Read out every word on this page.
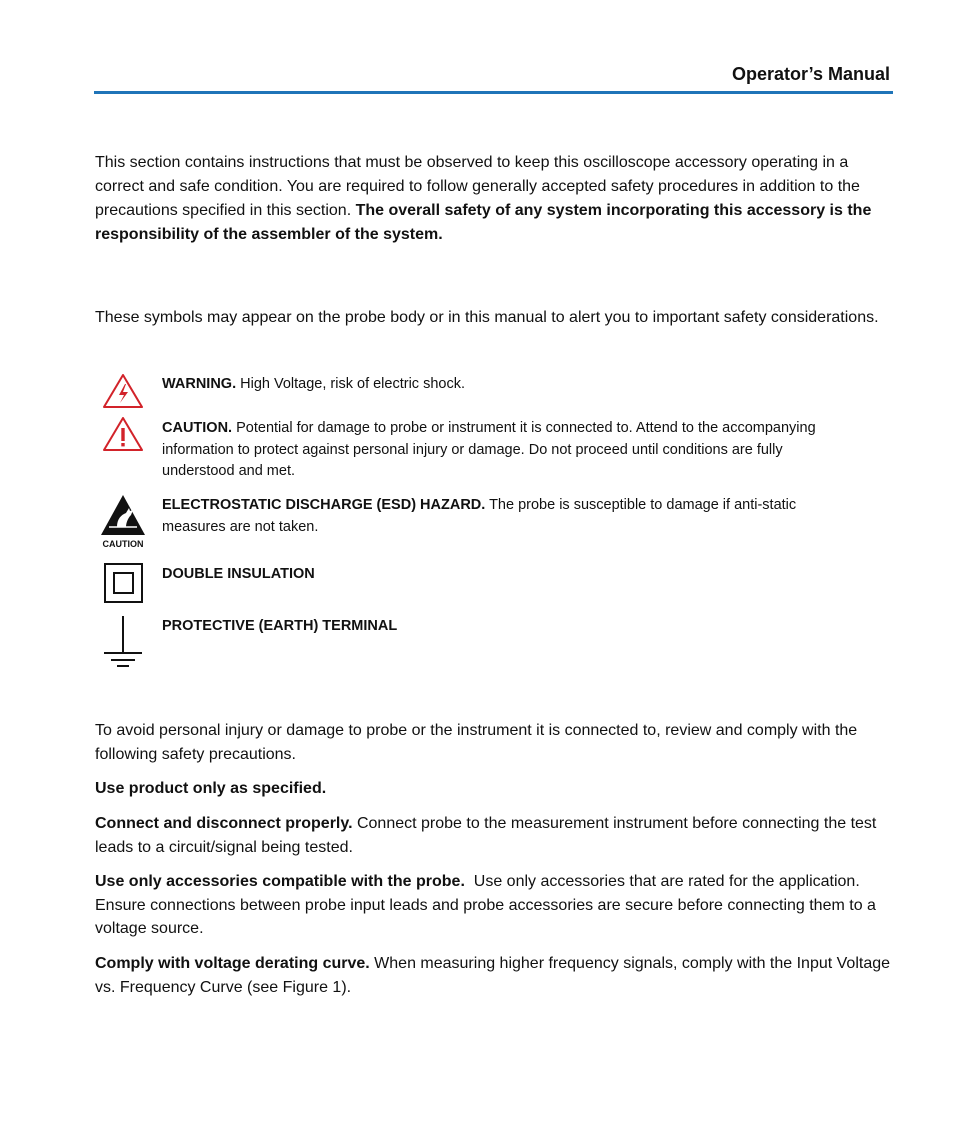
Operator’s Manual
This section contains instructions that must be observed to keep this oscilloscope accessory operating in a correct and safe condition. You are required to follow generally accepted safety procedures in addition to the precautions specified in this section. The overall safety of any system incorporating this accessory is the responsibility of the assembler of the system.
These symbols may appear on the probe body or in this manual to alert you to important safety considerations.
WARNING. High Voltage, risk of electric shock.
CAUTION. Potential for damage to probe or instrument it is connected to. Attend to the accompanying information to protect against personal injury or damage. Do not proceed until conditions are fully understood and met.
CAUTION
ELECTROSTATIC DISCHARGE (ESD) HAZARD. The probe is susceptible to damage if anti-static measures are not taken.
DOUBLE INSULATION
PROTECTIVE (EARTH) TERMINAL
To avoid personal injury or damage to probe or the instrument it is connected to, review and comply with the following safety precautions.
Use product only as specified.
Connect and disconnect properly. Connect probe to the measurement instrument before connecting the test leads to a circuit/signal being tested.
Use only accessories compatible with the probe.  Use only accessories that are rated for the application.  Ensure connections between probe input leads and probe accessories are secure before connecting them to a voltage source.
Comply with voltage derating curve. When measuring higher frequency signals, comply with the Input Voltage vs. Frequency Curve (see Figure 1).
